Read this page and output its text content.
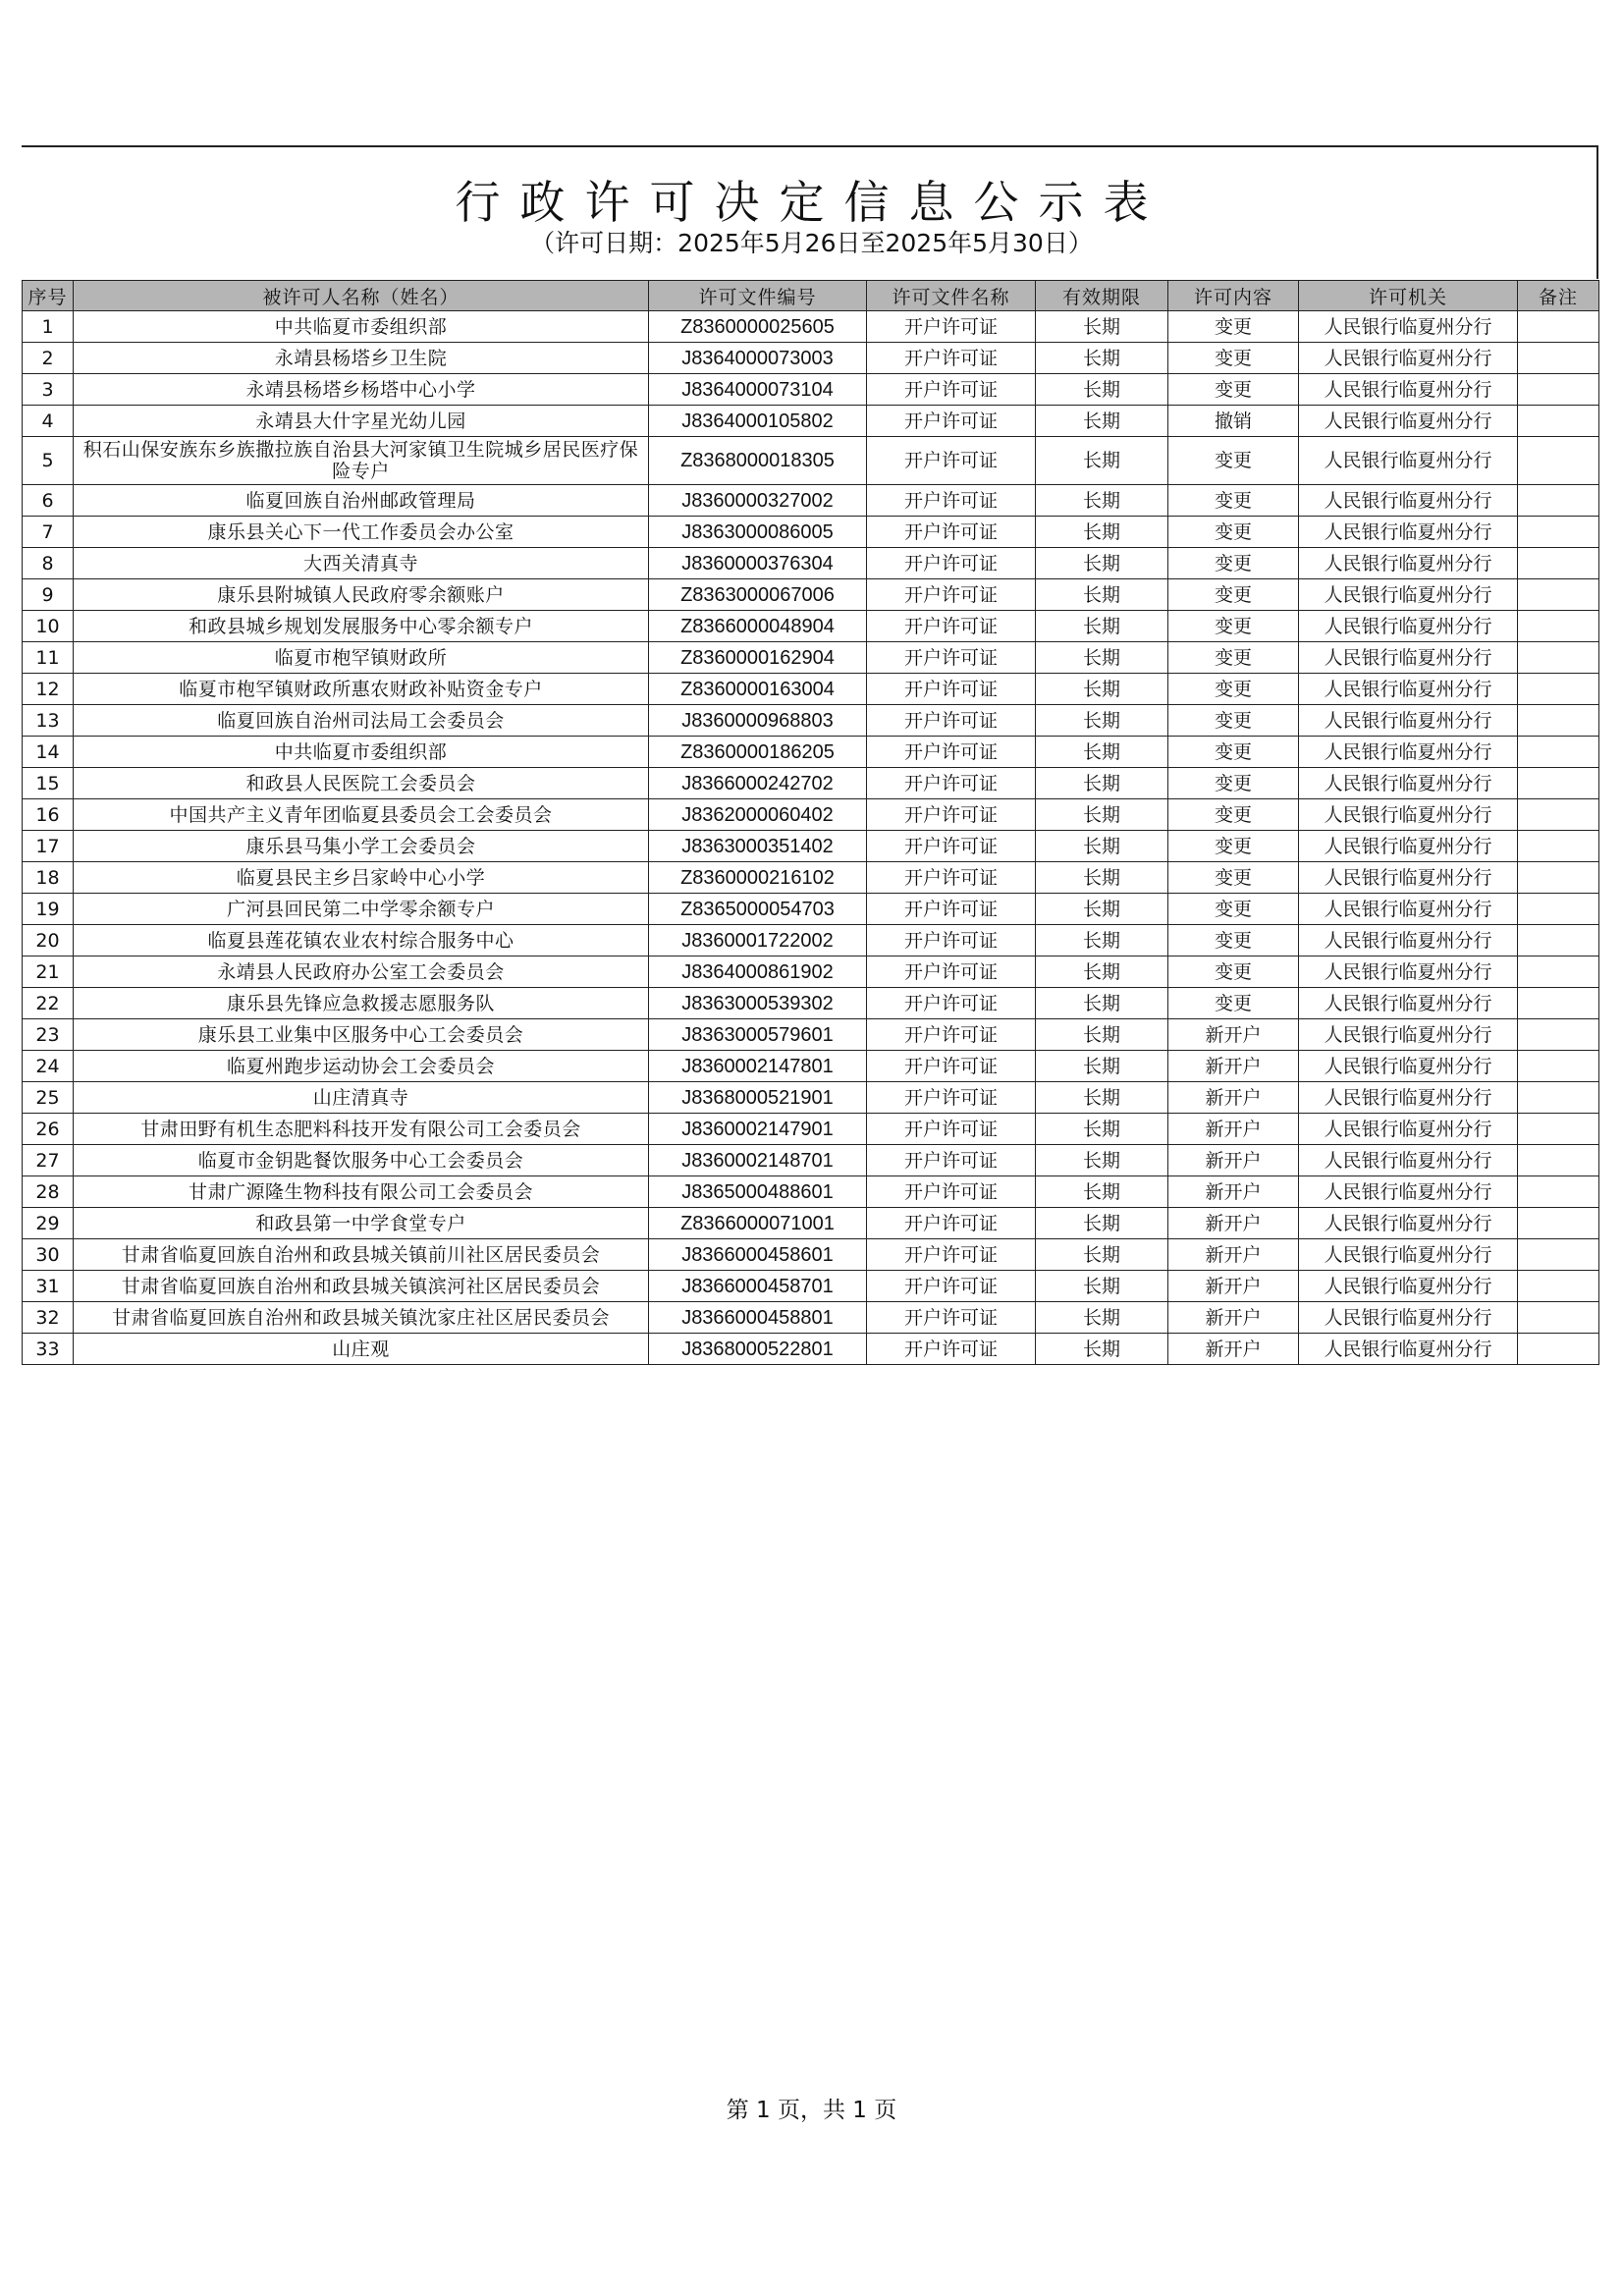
行政许可决定信息公示表
（许可日期：2025年5月26日至2025年5月30日）
序号	被许可人名称（姓名）	许可文件编号	许可文件名称	有效期限	许可内容	许可机关	备注
1	中共临夏市委组织部	Z8360000025605	开户许可证	长期	变更	人民银行临夏州分行	
2	永靖县杨塔乡卫生院	J8364000073003	开户许可证	长期	变更	人民银行临夏州分行	
3	永靖县杨塔乡杨塔中心小学	J8364000073104	开户许可证	长期	变更	人民银行临夏州分行	
4	永靖县大什字星光幼儿园	J8364000105802	开户许可证	长期	撤销	人民银行临夏州分行	
5	积石山保安族东乡族撒拉族自治县大河家镇卫生院城乡居民医疗保险专户	Z8368000018305	开户许可证	长期	变更	人民银行临夏州分行	
6	临夏回族自治州邮政管理局	J8360000327002	开户许可证	长期	变更	人民银行临夏州分行	
7	康乐县关心下一代工作委员会办公室	J8363000086005	开户许可证	长期	变更	人民银行临夏州分行	
8	大西关清真寺	J8360000376304	开户许可证	长期	变更	人民银行临夏州分行	
9	康乐县附城镇人民政府零余额账户	Z8363000067006	开户许可证	长期	变更	人民银行临夏州分行	
10	和政县城乡规划发展服务中心零余额专户	Z8366000048904	开户许可证	长期	变更	人民银行临夏州分行	
11	临夏市枹罕镇财政所	Z8360000162904	开户许可证	长期	变更	人民银行临夏州分行	
12	临夏市枹罕镇财政所惠农财政补贴资金专户	Z8360000163004	开户许可证	长期	变更	人民银行临夏州分行	
13	临夏回族自治州司法局工会委员会	J8360000968803	开户许可证	长期	变更	人民银行临夏州分行	
14	中共临夏市委组织部	Z8360000186205	开户许可证	长期	变更	人民银行临夏州分行	
15	和政县人民医院工会委员会	J8366000242702	开户许可证	长期	变更	人民银行临夏州分行	
16	中国共产主义青年团临夏县委员会工会委员会	J8362000060402	开户许可证	长期	变更	人民银行临夏州分行	
17	康乐县马集小学工会委员会	J8363000351402	开户许可证	长期	变更	人民银行临夏州分行	
18	临夏县民主乡吕家岭中心小学	Z8360000216102	开户许可证	长期	变更	人民银行临夏州分行	
19	广河县回民第二中学零余额专户	Z8365000054703	开户许可证	长期	变更	人民银行临夏州分行	
20	临夏县莲花镇农业农村综合服务中心	J8360001722002	开户许可证	长期	变更	人民银行临夏州分行	
21	永靖县人民政府办公室工会委员会	J8364000861902	开户许可证	长期	变更	人民银行临夏州分行	
22	康乐县先锋应急救援志愿服务队	J8363000539302	开户许可证	长期	变更	人民银行临夏州分行	
23	康乐县工业集中区服务中心工会委员会	J8363000579601	开户许可证	长期	新开户	人民银行临夏州分行	
24	临夏州跑步运动协会工会委员会	J8360002147801	开户许可证	长期	新开户	人民银行临夏州分行	
25	山庄清真寺	J8368000521901	开户许可证	长期	新开户	人民银行临夏州分行	
26	甘肃田野有机生态肥料科技开发有限公司工会委员会	J8360002147901	开户许可证	长期	新开户	人民银行临夏州分行	
27	临夏市金钥匙餐饮服务中心工会委员会	J8360002148701	开户许可证	长期	新开户	人民银行临夏州分行	
28	甘肃广源隆生物科技有限公司工会委员会	J8365000488601	开户许可证	长期	新开户	人民银行临夏州分行	
29	和政县第一中学食堂专户	Z8366000071001	开户许可证	长期	新开户	人民银行临夏州分行	
30	甘肃省临夏回族自治州和政县城关镇前川社区居民委员会	J8366000458601	开户许可证	长期	新开户	人民银行临夏州分行	
31	甘肃省临夏回族自治州和政县城关镇滨河社区居民委员会	J8366000458701	开户许可证	长期	新开户	人民银行临夏州分行	
32	甘肃省临夏回族自治州和政县城关镇沈家庄社区居民委员会	J8366000458801	开户许可证	长期	新开户	人民银行临夏州分行	
33	山庄观	J8368000522801	开户许可证	长期	新开户	人民银行临夏州分行	
第 1 页，共 1 页
